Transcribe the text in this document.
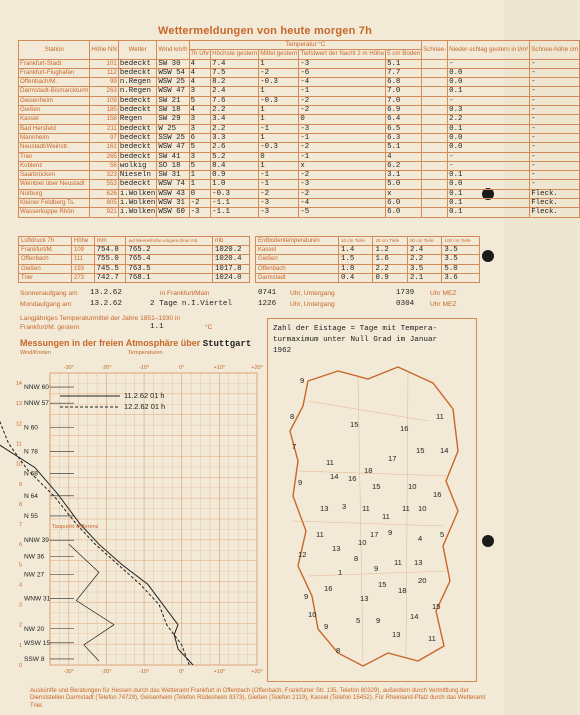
Wettermeldungen von heute morgen 7h
Station	Höhe NN	Wetter	Wind km/h	Temperatur °C					Schnee-	Nieder-schlag gestern in l/m²	Schnee-höhe cm
				7h Uhr	Höchste gestern	Mittel gestern	Tiefstwert der Nacht 2 m Höhe	5 cm Boden			
Frankfurt-Stadt	101	bedeckt	SW 30	4	7.4	1	-3	5.1		-	-
Frankfurt-Flughafen	112	bedeckt	WSW 54	4	7.5	-2	-6	7.7		0.0	-
Offenbach/M.	99	n.Regen	WSW 25	4	8.2	-0.3	-4	6.8		0.0	-
Darmstadt-Bismarckturm	263	n.Regen	WSW 47	3	2.4	1	-1	7.0		0.1	-
Geisenheim	109	bedeckt	SW 21	5	7.6	-0.3	-2	7.0		-	-
Gießen	185	bedeckt	SW 18	4	2.2	1	-2	6.9		0.3	-
Kassel	158	Regen	SW 29	3	3.4	1	0	6.4		2.2	-
Bad Hersfeld	211	bedeckt	W 25	3	2.2	-1	-3	6.5		0.1	-
Mannheim	97	bedeckt	SSW 25	6	3.3	1	-1	6.3		0.0	-
Neustadt/Weinstr.	161	bedeckt	WSW 47	5	2.6	-0.3	-2	5.1		0.0	-
Trier	265	bedeckt	SW 41	3	5.2	0	-1	4		-	-
Koblenz	56	wolkig	SO 18	5	8.4	1	x	6.2		-	-
Saarbrücken	323	Nieseln	SW 31	1	0.9	-1	-2	3.1		0.1	-
Weinbiet über Neustadt	553	bedeckt	WSW 74	1	1.0	-1	-3	5.0		0.0	-
Nürburg	626	i.Wolken	WSW 43	0	-0.3	-2	-2	x		0.1	Fleck.
Kleiner Feldberg Ts.	805	i.Wolken	WSW 31	-2	-1.1	-3	-4	6.0		0.1	Fleck.
Wasserkuppe Rhön	921	i.Wolken	WSW 60	-3	-1.1	-3	-5	6.0		0.1	Fleck.
Luftdruck 7h	Höhe	mm	auf Meereshöhe umgerechnet mb	mb
Frankfurt/M.	109	754.8	765.2	1020.2
Offenbach	111	755.0	765.4	1020.4
Gießen	193	745.5	763.5	1017.8
Trier	273	742.7	768.1	1024.0
Erdbodentemperaturen	10 cm Tiefe	20 cm Tiefe	50 cm Tiefe	100 cm Tiefe
Kassel	1.4	1.2	2.4	3.5
Gießen	1.5	1.6	2.2	3.5
Offenbach	1.8	2.2	3.5	5.0
Darmstadt	0.4	0.9	2.1	3.6
Sonnenaufgang am 13.2.62	in Frankfurt/Main	0741 Uhr, Untergang	1739 Uhr MEZ
Mondaufgang am 13.2.62	2 Tage n.I.Viertel	1226 Uhr, Untergang	0304 Uhr MEZ
Langjähriges Temperaturmittel der Jahre 1851–1930 in
Frankfurt/M. gestern	1.1	°C
Messungen in der freien Atmosphäre über Stuttgart
Wind/Knoten	Temperaturen
-30°
-30°
-20°
-20°
-10°
-10°
0°
0°
+10°
+10°
+20°
+20°
0
1
2
3
4
5
6
7
8
9
10
11
12
13
14
SSW 8
WSW 15
NW 20
WNW 31
NW 27
NW 36
NNW 39
N 55
N 64
N 68
N 78
N 60
NNW 57
NNW 60
11.2.62 01 h
12.2.62 01 h
Taupunkt Differenz
Zahl der Eistage = Tage mit Tempera-
turmaximum unter Null Grad im Januar
1962
9
8
7
9
15
18
17
16
15
11
11
14
3 11
10
16
13
11
13
17 9
9
1
8
9
11
4 5
10
9
13
15
18
20
8
5 9
13
14
15
12
16
11
16
15
10
14
11
10
13
11
Auskünfte und Beratungen für Hessen durch das Wetteramt Frankfurt in Offenbach (Offenbach, Frankfurter Str. 135, Telefon 80329), außerdem durch Vermittlung der Dienststellen Darmstadt (Telefon 74729), Geisenheim (Telefon Rüdesheim 8373), Gießen (Telefon 2119), Kassel (Telefon 15452). Für Rheinland-Pfalz durch das Wetteramt Trier.
